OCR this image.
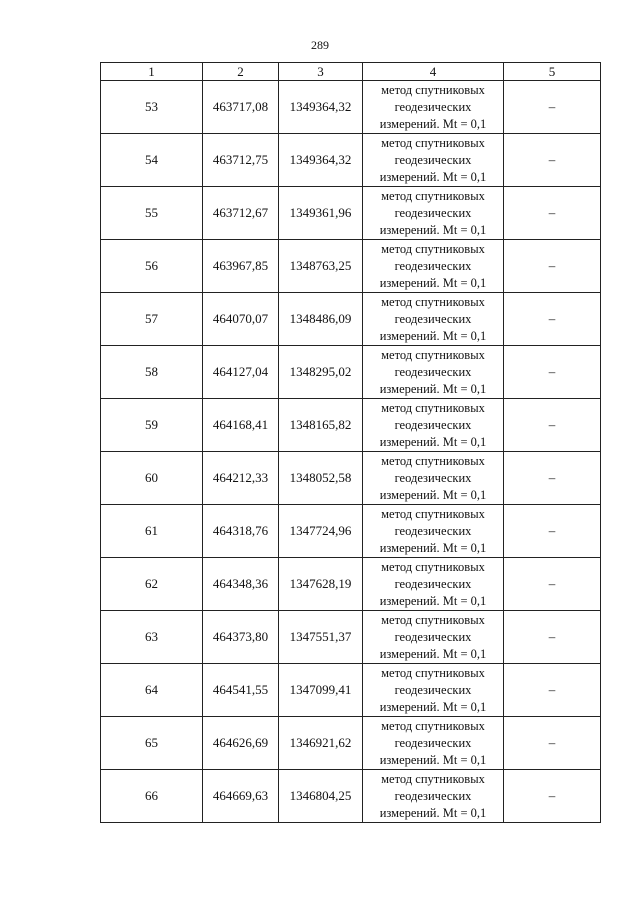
289
1	2	3	4	5
53	463717,08	1349364,32	метод спутниковых
геодезических
измерений. Mt = 0,1	–
54	463712,75	1349364,32	метод спутниковых
геодезических
измерений. Mt = 0,1	–
55	463712,67	1349361,96	метод спутниковых
геодезических
измерений. Mt = 0,1	–
56	463967,85	1348763,25	метод спутниковых
геодезических
измерений. Mt = 0,1	–
57	464070,07	1348486,09	метод спутниковых
геодезических
измерений. Mt = 0,1	–
58	464127,04	1348295,02	метод спутниковых
геодезических
измерений. Mt = 0,1	–
59	464168,41	1348165,82	метод спутниковых
геодезических
измерений. Mt = 0,1	–
60	464212,33	1348052,58	метод спутниковых
геодезических
измерений. Mt = 0,1	–
61	464318,76	1347724,96	метод спутниковых
геодезических
измерений. Mt = 0,1	–
62	464348,36	1347628,19	метод спутниковых
геодезических
измерений. Mt = 0,1	–
63	464373,80	1347551,37	метод спутниковых
геодезических
измерений. Mt = 0,1	–
64	464541,55	1347099,41	метод спутниковых
геодезических
измерений. Mt = 0,1	–
65	464626,69	1346921,62	метод спутниковых
геодезических
измерений. Mt = 0,1	–
66	464669,63	1346804,25	метод спутниковых
геодезических
измерений. Mt = 0,1	–
